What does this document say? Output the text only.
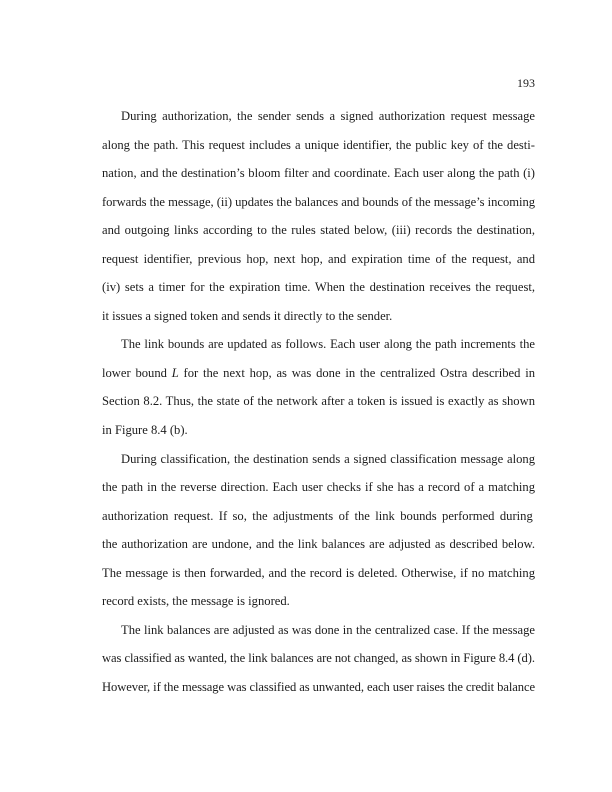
193
During authorization, the sender sends a signed authorization request message
along the path. This request includes a unique identifier, the public key of the desti-
nation, and the destination’s bloom filter and coordinate. Each user along the path (i)
forwards the message, (ii) updates the balances and bounds of the message’s incoming
and outgoing links according to the rules stated below, (iii) records the destination,
request identifier, previous hop, next hop, and expiration time of the request, and
(iv) sets a timer for the expiration time. When the destination receives the request,
it issues a signed token and sends it directly to the sender.
The link bounds are updated as follows. Each user along the path increments the
lower bound L for the next hop, as was done in the centralized Ostra described in
Section 8.2. Thus, the state of the network after a token is issued is exactly as shown
in Figure 8.4 (b).
During classification, the destination sends a signed classification message along
the path in the reverse direction. Each user checks if she has a record of a matching
authorization request. If so, the adjustments of the link bounds performed during
the authorization are undone, and the link balances are adjusted as described below.
The message is then forwarded, and the record is deleted. Otherwise, if no matching
record exists, the message is ignored.
The link balances are adjusted as was done in the centralized case. If the message
was classified as wanted, the link balances are not changed, as shown in Figure 8.4 (d).
However, if the message was classified as unwanted, each user raises the credit balance
